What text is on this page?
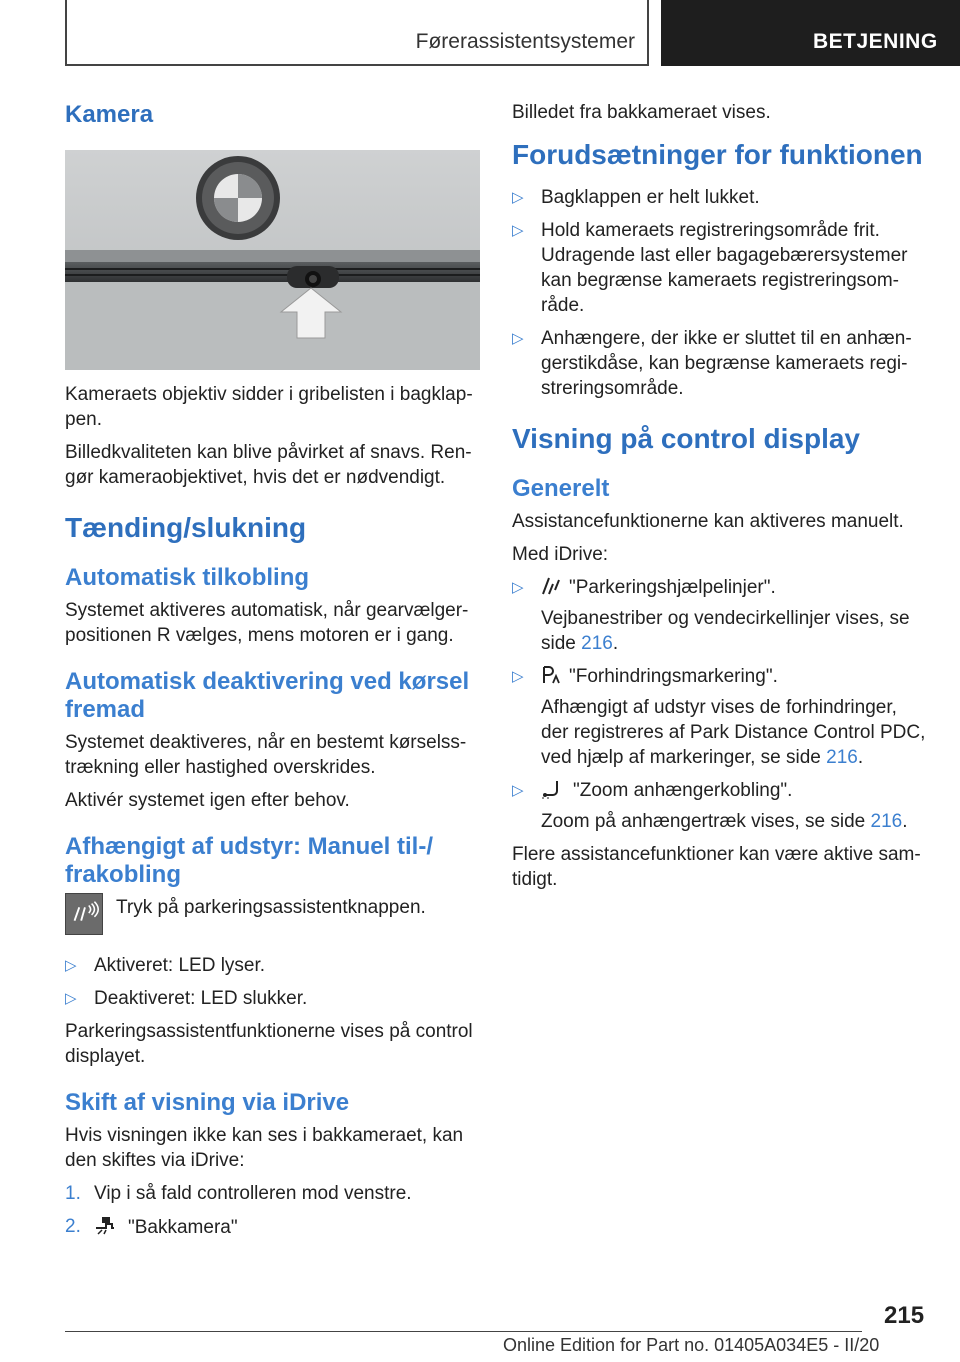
Førerassistentsystemer	BETJENING
Kamera

Kameraets objektiv sidder i gribelisten i bagklap-pen.

Billedkvaliteten kan blive påvirket af snavs. Ren-gør kameraobjektivet, hvis det er nødvendigt.

Tænding/slukning
Automatisk tilkobling

Systemet aktiveres automatisk, når gearvælger-positionen R vælges, mens motoren er i gang.

Automatisk deaktivering ved kørsel fremad

Systemet deaktiveres, når en bestemt kørselss-trækning eller hastighed overskrides.

Aktivér systemet igen efter behov.

Afhængigt af udstyr: Manuel til-/ frakobling

Tryk på parkeringsassistentknappen.

▷ Aktiveret: LED lyser.
▷ Deaktiveret: LED slukker.

Parkeringsassistentfunktionerne vises på control displayet.

Skift af visning via iDrive

Hvis visningen ikke kan ses i bakkameraet, kan den skiftes via iDrive:

1. Vip i så fald controlleren mod venstre.
2. "Bakkamera"

Billedet fra bakkameraet vises.

Forudsætninger for funktionen
▷ Bagklappen er helt lukket.
▷ Hold kameraets registreringsområde frit. Udragende last eller bagagebærersystemer kan begrænse kameraets registreringsom-råde.
▷ Anhængere, der ikke er sluttet til en anhæn-gerstikdåse, kan begrænse kameraets regi-streringsområde.
Visning på control display
Generelt

Assistancefunktionerne kan aktiveres manuelt.

Med iDrive:

▷ "Parkeringshjælpelinjer".
Vejbanestriber og vendecirkellinjer vises, se side 216.
▷ "Forhindringsmarkering".
Afhængigt af udstyr vises de forhindringer, der registreres af Park Distance Control PDC, ved hjælp af markeringer, se side 216.
▷	"Zoom anhængerkobling".
Zoom på anhængertræk vises, se side 216.

Flere assistancefunktioner kan være aktive sam-tidigt.

215
Online Edition for Part no. 01405A034E5 - II/20
